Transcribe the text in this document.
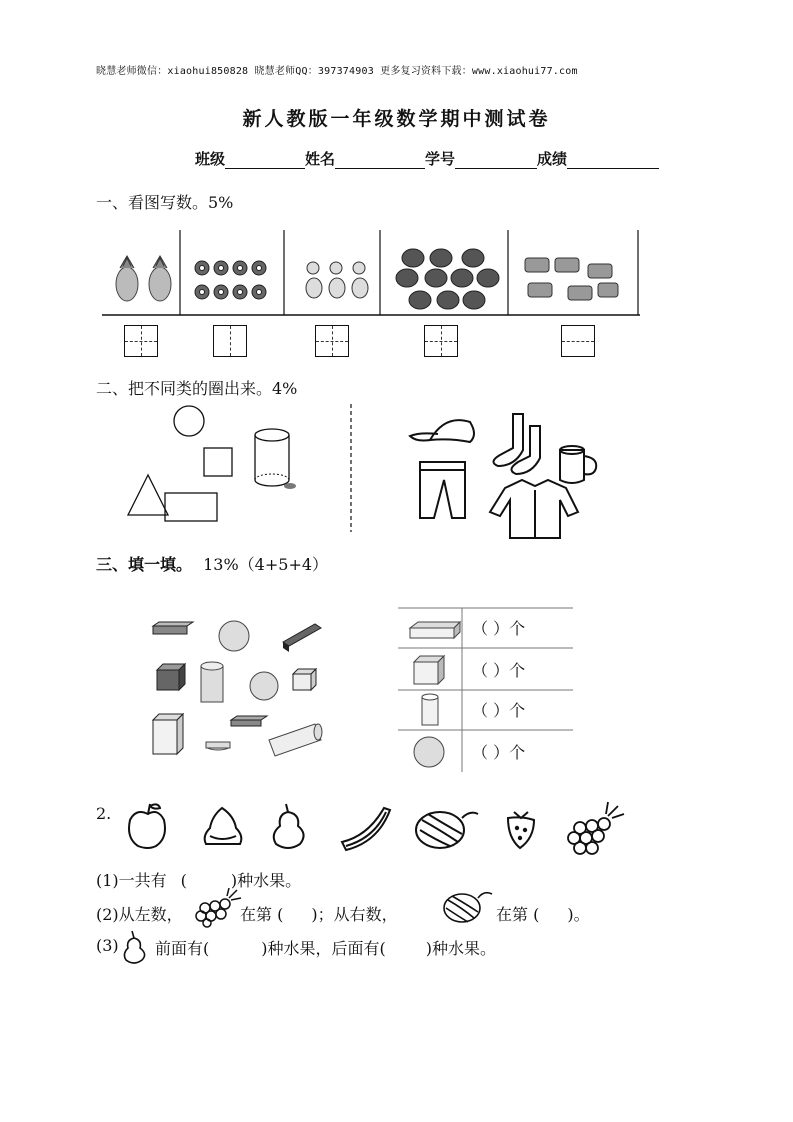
晓慧老师微信：xiaohui850828 晓慧老师QQ：397374903 更多复习资料下载：www.xiaohui77.com
新人教版一年级数学期中测试卷
班级	姓名	学号	成绩
一、看图写数。5%
二、把不同类的圈出来。4%
三、填一填。 13%（4+5+4）
（ ）个
（ ）个
（ ）个
（ ）个
2.
(1)一共有 (	)种水果。
(2)从左数，	在第 ( )；从右数，	在第 ( )。
(3) 前面有(	)种水果，后面有(	)种水果。
